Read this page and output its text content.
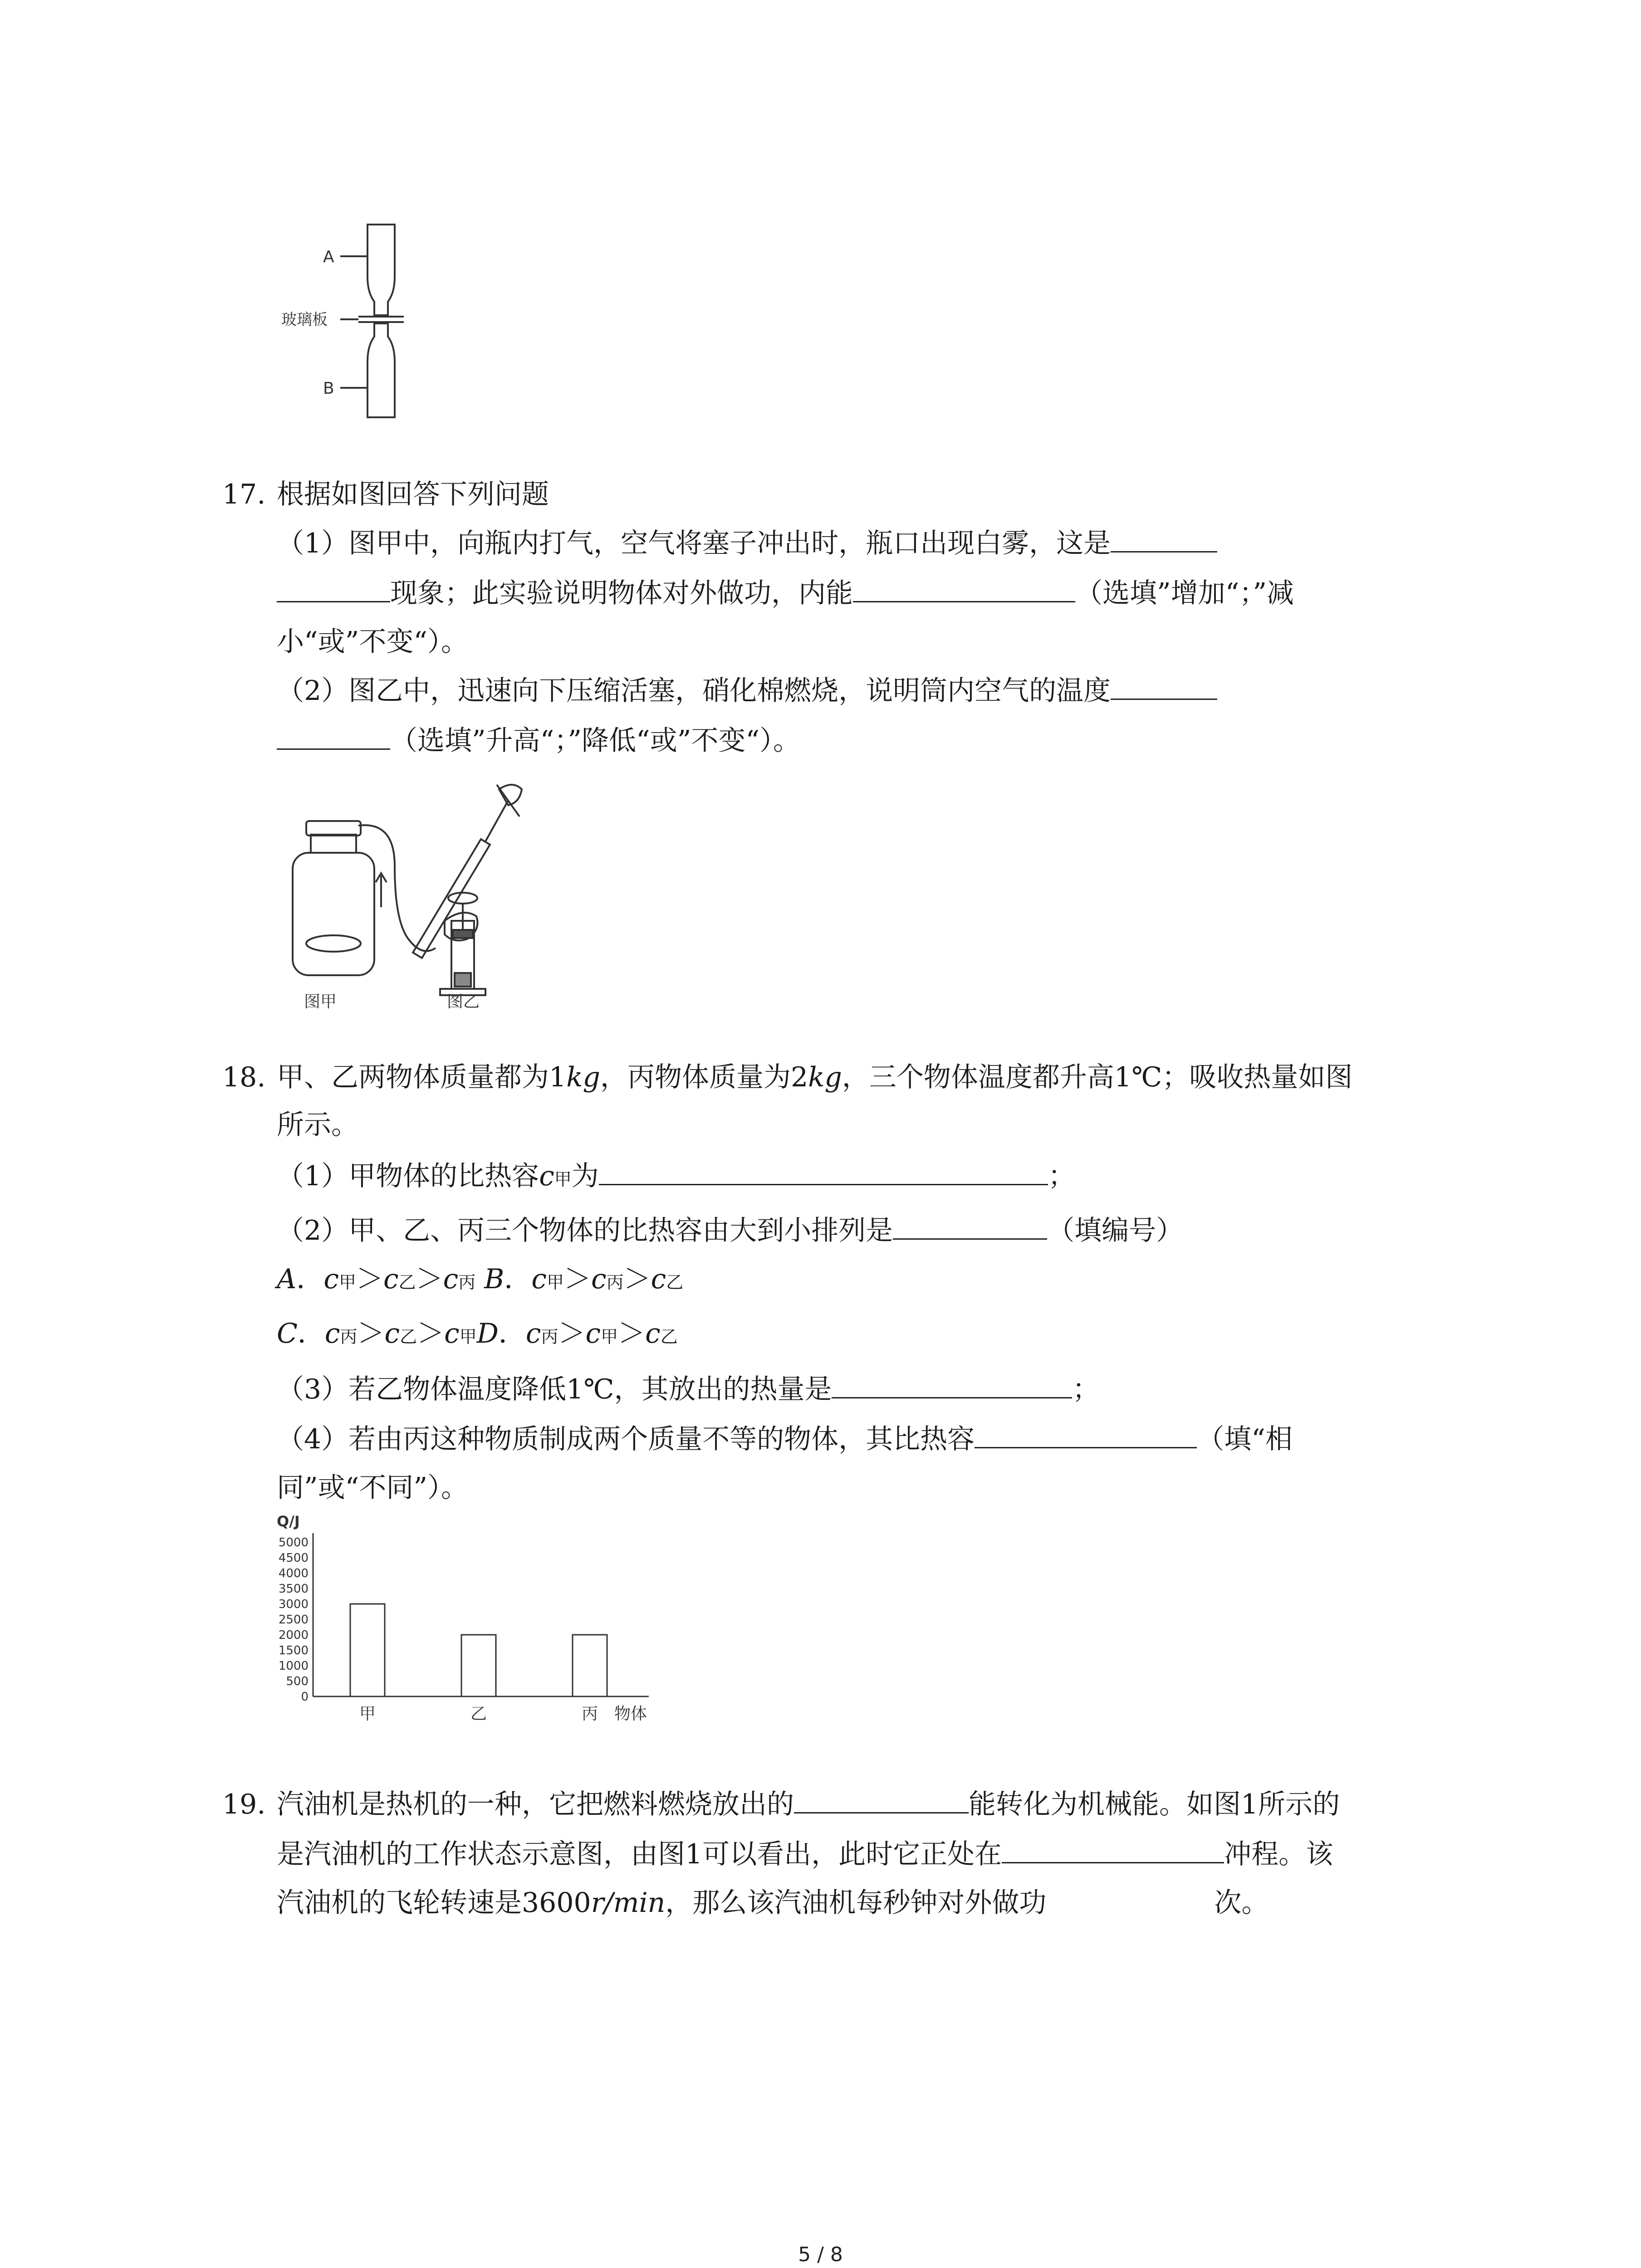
A
玻璃板
B
17. 根据如图回答下列问题
（1）图甲中，向瓶内打气，空气将塞子冲出时，瓶口出现白雾，这是
现象；此实验说明物体对外做功，内能	（选填”增加“；”减
小“或”不变“）。
（2）图乙中，迅速向下压缩活塞，硝化棉燃烧，说明筒内空气的温度
（选填”升高“；”降低“或”不变“）。
图甲	图乙
18. 甲、乙两物体质量都为1kg，丙物体质量为2kg，三个物体温度都升高1℃；吸收热量如图
所示。
（1）甲物体的比热容c甲为	；
（2）甲、乙、丙三个物体的比热容由大到小排列是	（填编号）
A．c甲＞c乙＞c丙 B．c甲＞c丙＞c乙
C．c丙＞c乙＞c甲D．c丙＞c甲＞c乙
（3）若乙物体温度降低1℃，其放出的热量是	；
（4）若由丙这种物质制成两个质量不等的物体，其比热容	（填“相
同”或“不同”）。
Q/J
0
500
1000
1500
2000
2500
3000
3500
4000
4500
5000
甲	乙	丙 物体
19. 汽油机是热机的一种，它把燃料燃烧放出的	能转化为机械能。如图1所示的
是汽油机的工作状态示意图，由图1可以看出，此时它正处在	冲程。该
汽油机的飞轮转速是3600r/min，那么该汽油机每秒钟对外做功	次。
5 / 8
